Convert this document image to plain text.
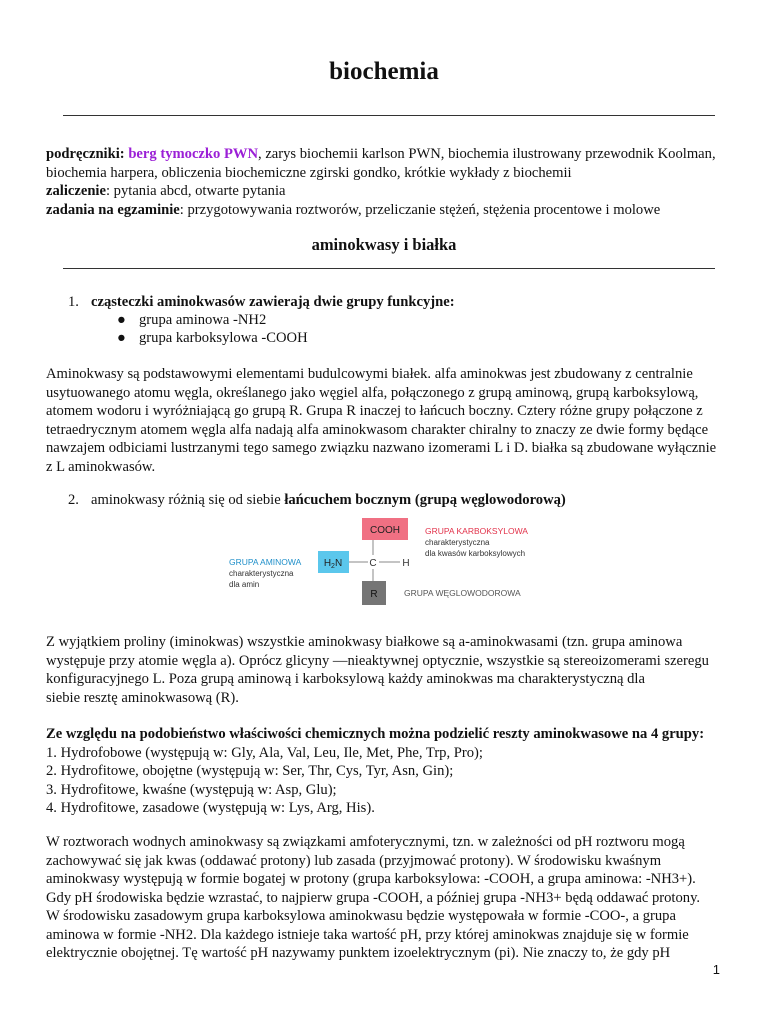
biochemia

podręczniki: berg tymoczko PWN, zarys biochemii karlson PWN, biochemia ilustrowany przewodnik Koolman,

biochemia harpera, obliczenia biochemiczne zgirski gondko, krótkie wykłady z biochemii

zaliczenie: pytania abcd, otwarte pytania

zadania na egzaminie: przygotowywania roztworów, przeliczanie stężeń, stężenia procentowe i molowe

aminokwasy i białka
1. cząsteczki aminokwasów zawierają dwie grupy funkcyjne:
● grupa aminowa -NH2
● grupa karboksylowa -COOH

Aminokwasy są podstawowymi elementami budulcowymi białek. alfa aminokwas jest zbudowany z centralnie

usytuowanego atomu węgla, określanego jako węgiel alfa, połączonego z grupą aminową, grupą karboksylową,

atomem wodoru i wyróżniającą go grupą R. Grupa R inaczej to łańcuch boczny. Cztery różne grupy połączone z

tetraedrycznym atomem węgla alfa nadają alfa aminokwasom charakter chiralny to znaczy ze dwie formy będące

nawzajem odbiciami lustrzanymi tego samego związku nazwano izomerami L i D. białka są zbudowane wyłącznie

z L aminokwasów.

2. aminokwasy różnią się od siebie łańcuchem bocznym (grupą węglowodorową)
COOH	GRUPA KARBOKSYLOWA
charakterystyczna
dla kwasów karboksylowych
$H_2N$
GRUPA AMINOWA
charakterystyczna
dla amin
C	H
R	GRUPA WĘGLOWODOROWA

Z wyjątkiem proliny (iminokwas) wszystkie aminokwasy białkowe są a-aminokwasami (tzn. grupa aminowa

występuje przy atomie węgla a). Oprócz glicyny —nieaktywnej optycznie, wszystkie są stereoizomerami szeregu

konfiguracyjnego L. Poza grupą aminową i karboksylową każdy aminokwas ma charakterystyczną dla

siebie resztę aminokwasową (R).

Ze względu na podobieństwo właściwości chemicznych można podzielić reszty aminokwasowe na 4 grupy:

1. Hydrofobowe (występują w: Gly, Ala, Val, Leu, Ile, Met, Phe, Trp, Pro);

2. Hydrofitowe, obojętne (występują w: Ser, Thr, Cys, Tyr, Asn, Gin);

3. Hydrofitowe, kwaśne (występują w: Asp, Glu);

4. Hydrofitowe, zasadowe (występują w: Lys, Arg, His).

W roztworach wodnych aminokwasy są związkami amfoterycznymi, tzn. w zależności od pH roztworu mogą

zachowywać się jak kwas (oddawać protony) lub zasada (przyjmować protony). W środowisku kwaśnym

aminokwasy występują w formie bogatej w protony (grupa karboksylowa: -COOH, a grupa aminowa: -NH3+).

Gdy pH środowiska będzie wzrastać, to najpierw grupa -COOH, a później grupa -NH3+ będą oddawać protony.

W środowisku zasadowym grupa karboksylowa aminokwasu będzie występowała w formie -COO-, a grupa

aminowa w formie -NH2. Dla każdego istnieje taka wartość pH, przy której aminokwas znajduje się w formie

elektrycznie obojętnej. Tę wartość pH nazywamy punktem izoelektrycznym (pi). Nie znaczy to, że gdy pH

1
